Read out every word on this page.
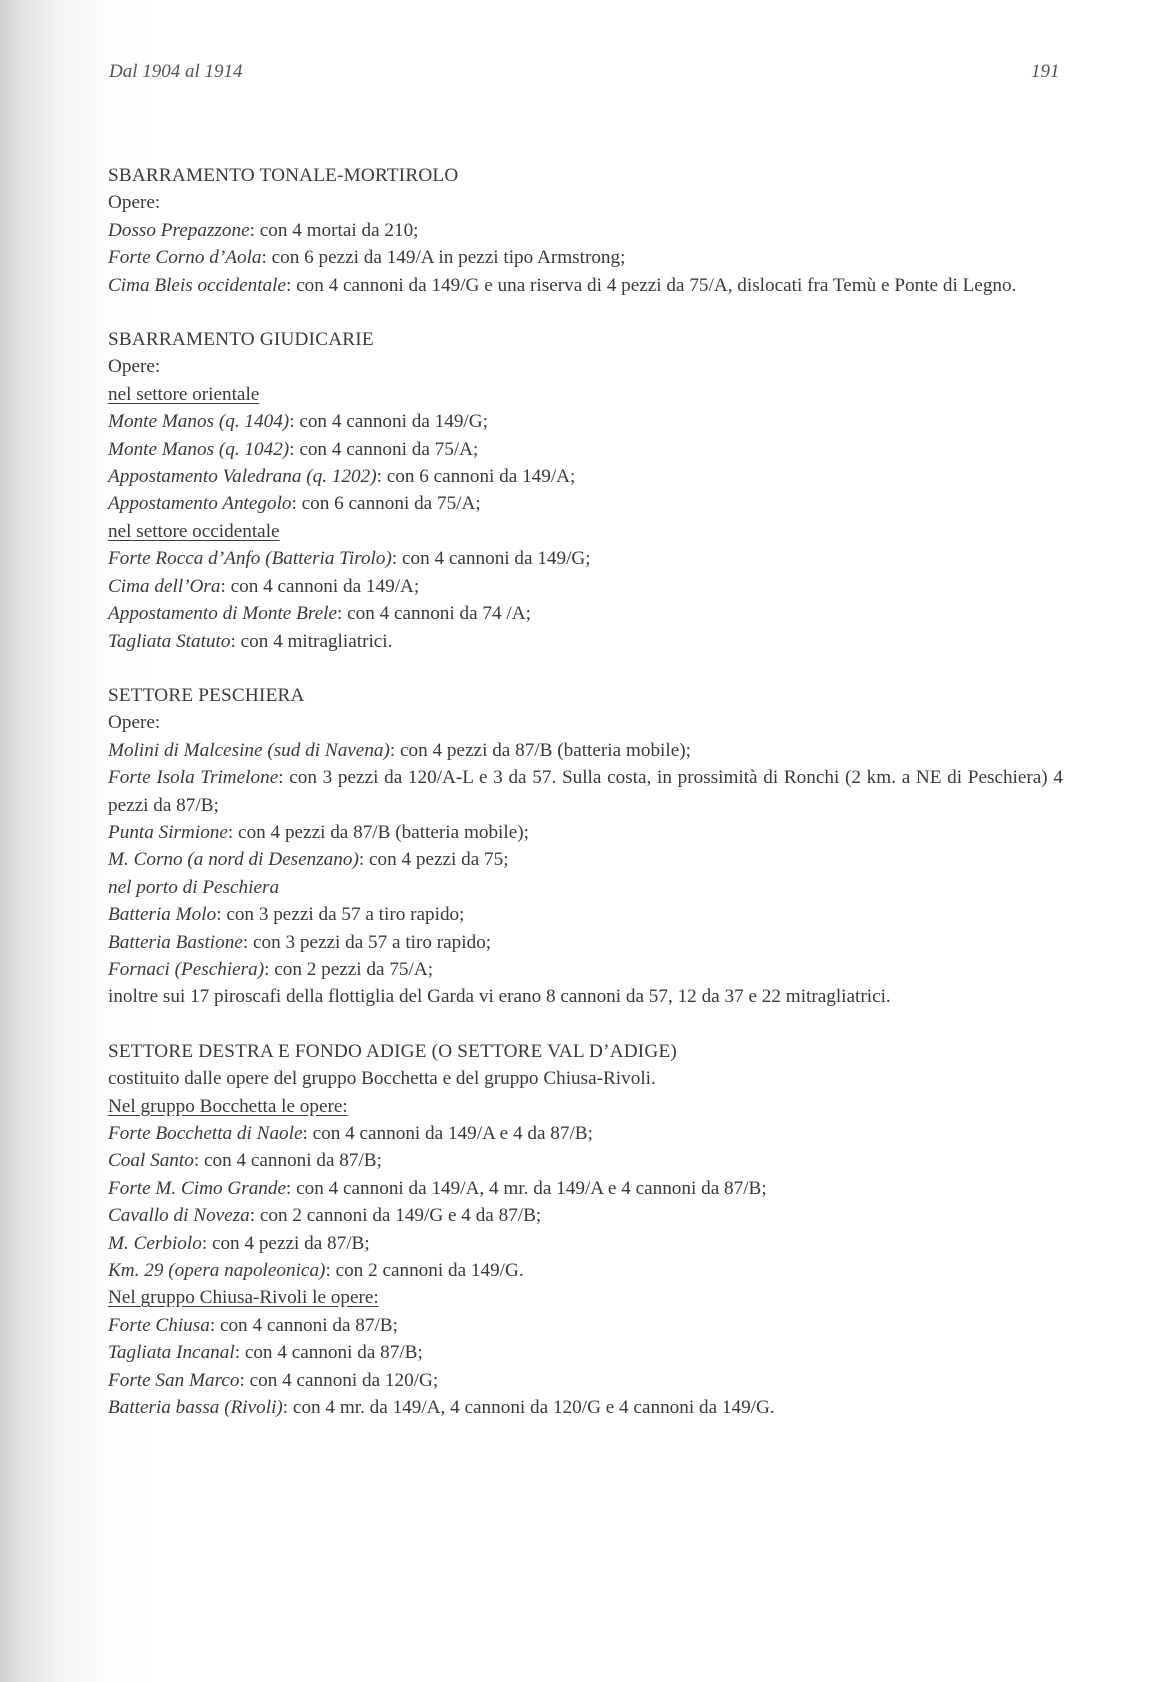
Dal 1904 al 1914	191
SBARRAMENTO TONALE-MORTIROLO
Opere:
Dosso Prepazzone: con 4 mortai da 210;
Forte Corno d’Aola: con 6 pezzi da 149/A in pezzi tipo Armstrong;
Cima Bleis occidentale: con 4 cannoni da 149/G e una riserva di 4 pezzi da 75/A, dislocati fra Temù e Ponte di Legno.
SBARRAMENTO GIUDICARIE
Opere:
nel settore orientale
Monte Manos (q. 1404): con 4 cannoni da 149/G;
Monte Manos (q. 1042): con 4 cannoni da 75/A;
Appostamento Valedrana (q. 1202): con 6 cannoni da 149/A;
Appostamento Antegolo: con 6 cannoni da 75/A;
nel settore occidentale
Forte Rocca d’Anfo (Batteria Tirolo): con 4 cannoni da 149/G;
Cima dell’Ora: con 4 cannoni da 149/A;
Appostamento di Monte Brele: con 4 cannoni da 74 /A;
Tagliata Statuto: con 4 mitragliatrici.
SETTORE PESCHIERA
Opere:
Molini di Malcesine (sud di Navena): con 4 pezzi da 87/B (batteria mobile);
Forte Isola Trimelone: con 3 pezzi da 120/A-L e 3 da 57. Sulla costa, in prossimità di Ronchi (2 km. a NE di Peschiera) 4 pezzi da 87/B;
Punta Sirmione: con 4 pezzi da 87/B (batteria mobile);
M. Corno (a nord di Desenzano): con 4 pezzi da 75;
nel porto di Peschiera
Batteria Molo: con 3 pezzi da 57 a tiro rapido;
Batteria Bastione: con 3 pezzi da 57 a tiro rapido;
Fornaci (Peschiera): con 2 pezzi da 75/A;
inoltre sui 17 piroscafi della flottiglia del Garda vi erano 8 cannoni da 57, 12 da 37 e 22 mitragliatrici.
SETTORE DESTRA E FONDO ADIGE (O SETTORE VAL D’ADIGE)
costituito dalle opere del gruppo Bocchetta e del gruppo Chiusa-Rivoli.
Nel gruppo Bocchetta le opere:
Forte Bocchetta di Naole: con 4 cannoni da 149/A e 4 da 87/B;
Coal Santo: con 4 cannoni da 87/B;
Forte M. Cimo Grande: con 4 cannoni da 149/A, 4 mr. da 149/A e 4 cannoni da 87/B;
Cavallo di Noveza: con 2 cannoni da 149/G e 4 da 87/B;
M. Cerbiolo: con 4 pezzi da 87/B;
Km. 29 (opera napoleonica): con 2 cannoni da 149/G.
Nel gruppo Chiusa-Rivoli le opere:
Forte Chiusa: con 4 cannoni da 87/B;
Tagliata Incanal: con 4 cannoni da 87/B;
Forte San Marco: con 4 cannoni da 120/G;
Batteria bassa (Rivoli): con 4 mr. da 149/A, 4 cannoni da 120/G e 4 cannoni da 149/G.
